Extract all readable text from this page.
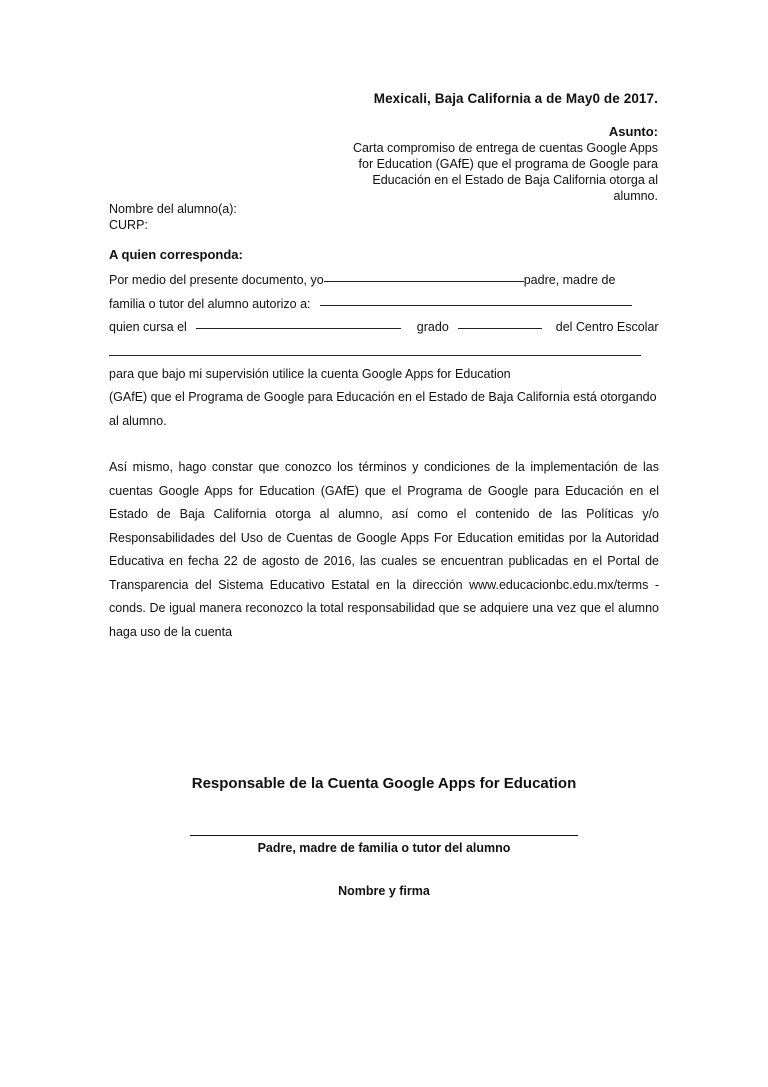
Mexicali, Baja California a de May0 de 2017.
Asunto:
Carta compromiso de entrega de cuentas Google Apps
for Education (GAfE) que el programa de Google para
Educación en el Estado de Baja California otorga al
alumno.
Nombre del alumno(a):
CURP:
A quien corresponda:
Por medio del presente documento, yo	padre, madre de
familia o tutor del alumno autorizo a:
quien cursa el	grado	del Centro Escolar
para que bajo mi supervisión utilice la cuenta Google Apps for Education
(GAfE) que el Programa de Google para Educación en el Estado de Baja California está otorgando
al alumno.
Así mismo, hago constar que conozco los términos y condiciones de la implementación de las
cuentas Google Apps for Education (GAfE) que el Programa de Google para Educación en el
Estado de Baja California otorga al alumno, así como el contenido de las Políticas y/o
Responsabilidades del Uso de Cuentas de Google Apps For Education emitidas por la Autoridad
Educativa en fecha 22 de agosto de 2016, las cuales se encuentran publicadas en el Portal de
Transparencia del Sistema Educativo Estatal en la dirección www.educacionbc.edu.mx/terms -
conds. De igual manera reconozco la total responsabilidad que se adquiere una vez que el alumno
haga uso de la cuenta
Responsable de la Cuenta Google Apps for Education
Padre, madre de familia o tutor del alumno
Nombre y firma
